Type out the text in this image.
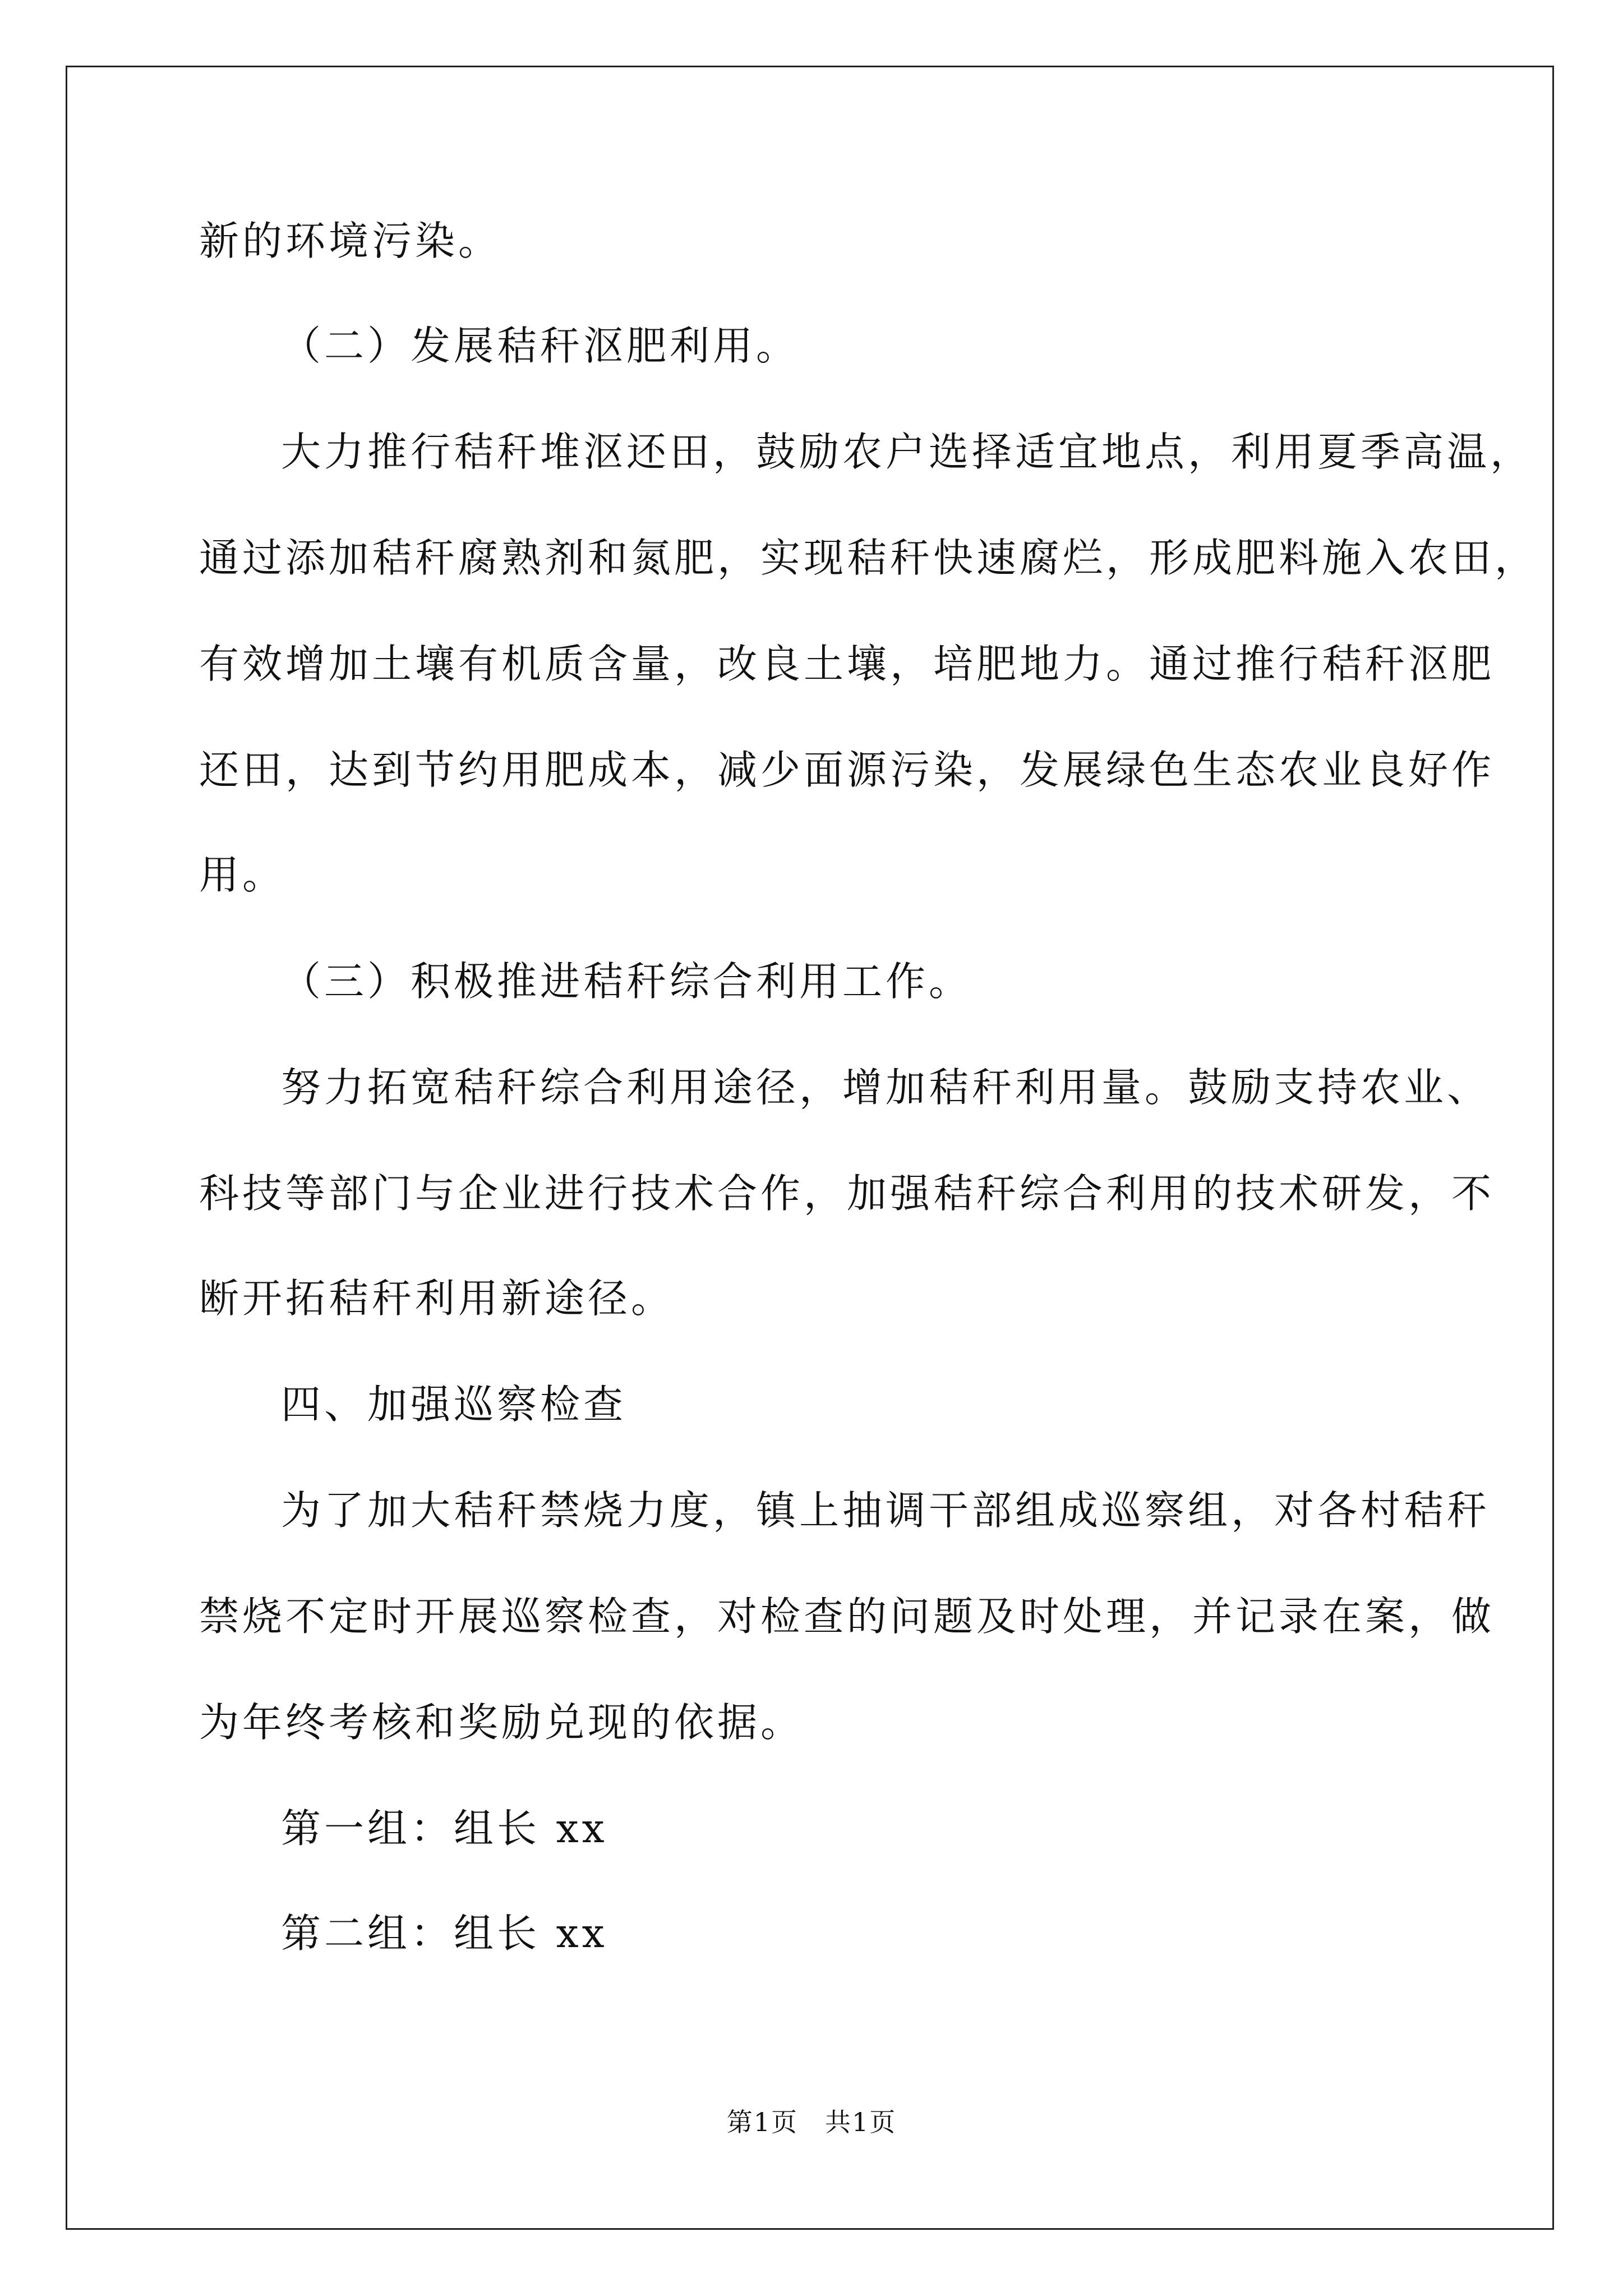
新的环境污染。
（二）发展秸秆沤肥利用。
大力推行秸秆堆沤还田，鼓励农户选择适宜地点，利用夏季高温，
通过添加秸秆腐熟剂和氮肥，实现秸秆快速腐烂，形成肥料施入农田，
有效增加土壤有机质含量，改良土壤，培肥地力。通过推行秸秆沤肥
还田，达到节约用肥成本，减少面源污染，发展绿色生态农业良好作
用。
（三）积极推进秸秆综合利用工作。
努力拓宽秸秆综合利用途径，增加秸秆利用量。鼓励支持农业、
科技等部门与企业进行技术合作，加强秸秆综合利用的技术研发，不
断开拓秸秆利用新途径。
四、加强巡察检查
为了加大秸秆禁烧力度，镇上抽调干部组成巡察组，对各村秸秆
禁烧不定时开展巡察检查，对检查的问题及时处理，并记录在案，做
为年终考核和奖励兑现的依据。
第一组：组长 xx
第二组：组长 xx
第1页　共1页
